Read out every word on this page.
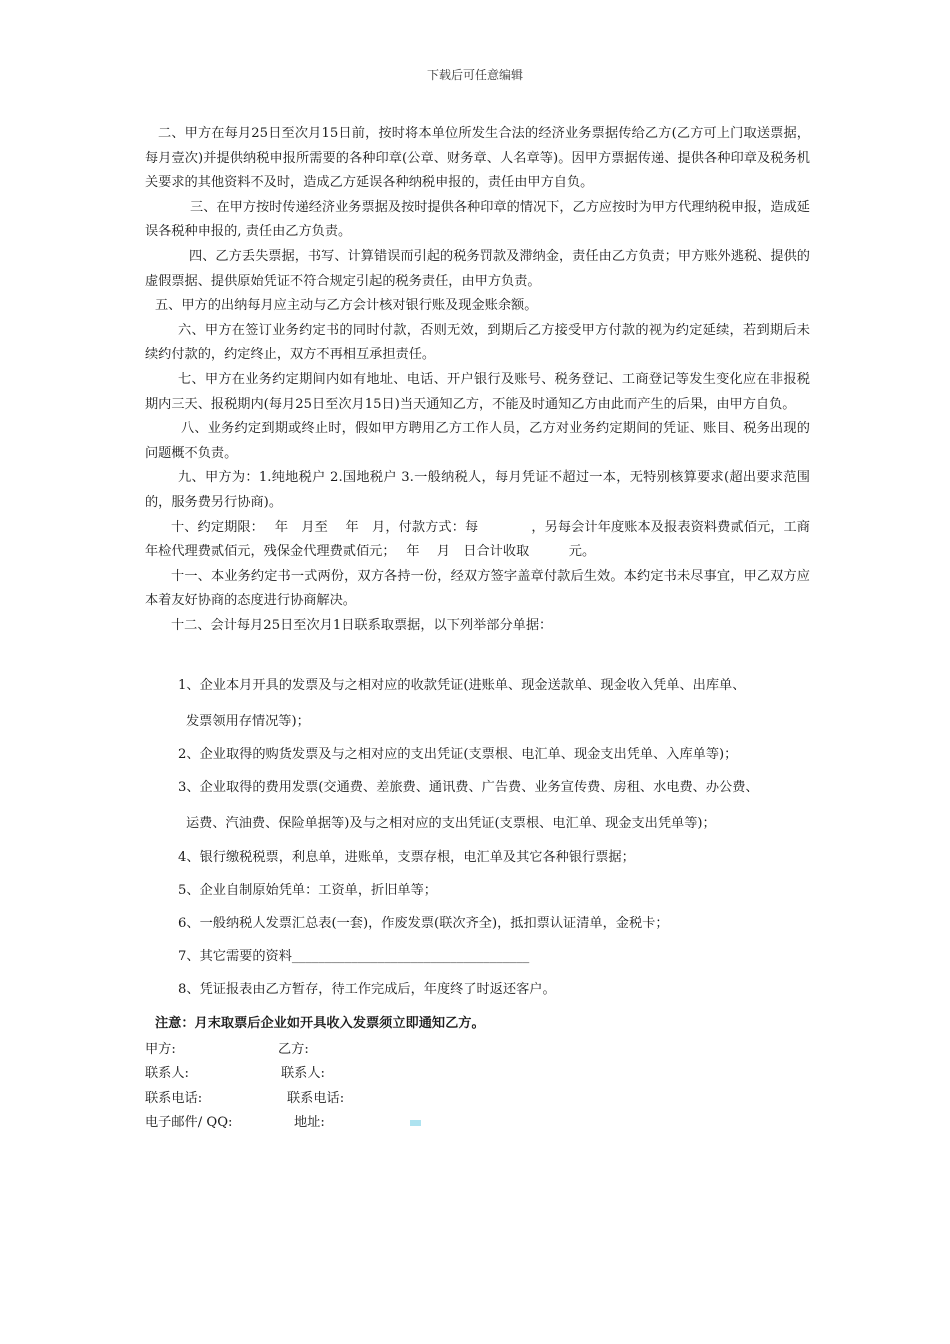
下载后可任意编辑

二、甲方在每月25日至次月15日前，按时将本单位所发生合法的经济业务票据传给乙方(乙方可上门取送票据，每月壹次)并提供纳税申报所需要的各种印章(公章、财务章、人名章等)。因甲方票据传递、提供各种印章及税务机关要求的其他资料不及时，造成乙方延误各种纳税申报的，责任由甲方自负。

三、在甲方按时传递经济业务票据及按时提供各种印章的情况下，乙方应按时为甲方代理纳税申报，造成延误各税种申报的, 责任由乙方负责。

四、乙方丢失票据，书写、计算错误而引起的税务罚款及滞纳金，责任由乙方负责；甲方账外逃税、提供的虚假票据、提供原始凭证不符合规定引起的税务责任，由甲方负责。

五、甲方的出纳每月应主动与乙方会计核对银行账及现金账余额。

六、甲方在签订业务约定书的同时付款，否则无效，到期后乙方接受甲方付款的视为约定延续，若到期后未续约付款的，约定终止，双方不再相互承担责任。

七、甲方在业务约定期间内如有地址、电话、开户银行及账号、税务登记、工商登记等发生变化应在非报税期内三天、报税期内(每月25日至次月15日)当天通知乙方，不能及时通知乙方由此而产生的后果，由甲方自负。

八、业务约定到期或终止时，假如甲方聘用乙方工作人员，乙方对业务约定期间的凭证、账目、税务出现的问题概不负责。

九、甲方为：1.纯地税户 2.国地税户 3.一般纳税人，每月凭证不超过一本，无特别核算要求(超出要求范围的，服务费另行协商)。

十、约定期限：　 年　月至　 年　月，付款方式：每　　　　，另每会计年度账本及报表资料费贰佰元，工商年检代理费贰佰元，残保金代理费贰佰元；　 年　 月　日合计收取　　　元。

十一、本业务约定书一式两份，双方各持一份，经双方签字盖章付款后生效。本约定书未尽事宜，甲乙双方应本着友好协商的态度进行协商解决。

十二、会计每月25日至次月1日联系取票据，以下列举部分单据：

1、企业本月开具的发票及与之相对应的收款凭证(进账单、现金送款单、现金收入凭单、出库单、
发票领用存情况等)；
2、企业取得的购货发票及与之相对应的支出凭证(支票根、电汇单、现金支出凭单、入库单等)；
3、企业取得的费用发票(交通费、差旅费、通讯费、广告费、业务宣传费、房租、水电费、办公费、
运费、汽油费、保险单据等)及与之相对应的支出凭证(支票根、电汇单、现金支出凭单等)；
4、银行缴税税票，利息单，进账单，支票存根，电汇单及其它各种银行票据；
5、企业自制原始凭单：工资单，折旧单等；
6、一般纳税人发票汇总表(一套)，作废发票(联次齐全)，抵扣票认证清单，金税卡；
7、其它需要的资料____________________________________
8、凭证报表由乙方暂存，待工作完成后，年度终了时返还客户。
注意：月末取票后企业如开具收入发票须立即通知乙方。
甲方:	乙方:
联系人:	联系人:
联系电话:	联系电话:
电子邮件/ QQ:	地址:
